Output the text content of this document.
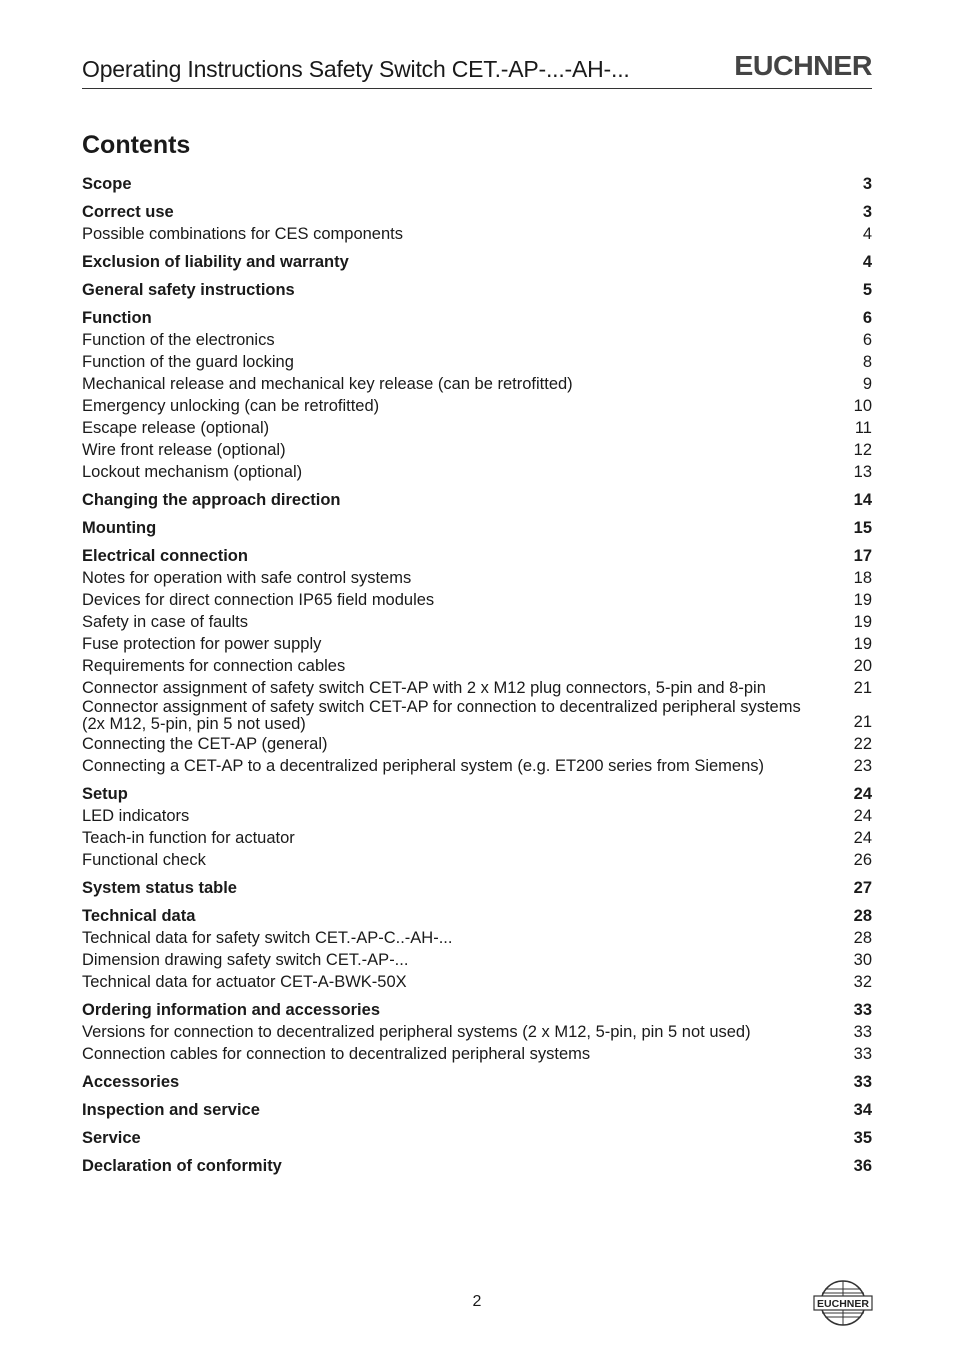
Operating Instructions Safety Switch CET.-AP-...-AH-...	EUCHNER
Contents
Scope	3
Correct use	3
Possible combinations for CES components	4
Exclusion of liability and warranty	4
General safety instructions	5
Function	6
Function of the electronics	6
Function of the guard locking	8
Mechanical release and mechanical key release (can be retrofitted)	9
Emergency unlocking (can be retrofitted)	10
Escape release (optional)	11
Wire front release (optional)	12
Lockout mechanism (optional)	13
Changing the approach direction	14
Mounting	15
Electrical connection	17
Notes for operation with safe control systems	18
Devices for direct connection IP65 field modules	19
Safety in case of faults	19
Fuse protection for power supply	19
Requirements for connection cables	20
Connector assignment of safety switch CET-AP with 2 x M12 plug connectors, 5-pin and 8-pin	21
Connector assignment of safety switch CET-AP for connection to decentralized peripheral systems (2x M12, 5-pin, pin 5 not used)	21
Connecting the CET-AP (general)	22
Connecting a CET-AP to a decentralized peripheral system (e.g. ET200 series from Siemens)	23
Setup	24
LED indicators	24
Teach-in function for actuator	24
Functional check	26
System status table	27
Technical data	28
Technical data for safety switch CET.-AP-C..-AH-...	28
Dimension drawing safety switch CET.-AP-...	30
Technical data for actuator CET-A-BWK-50X	32
Ordering information and accessories	33
Versions for connection to decentralized peripheral systems (2 x M12, 5-pin, pin 5 not used)	33
Connection cables for connection to decentralized peripheral systems	33
Accessories	33
Inspection and service	34
Service	35
Declaration of conformity	36
2	EUCHNER
